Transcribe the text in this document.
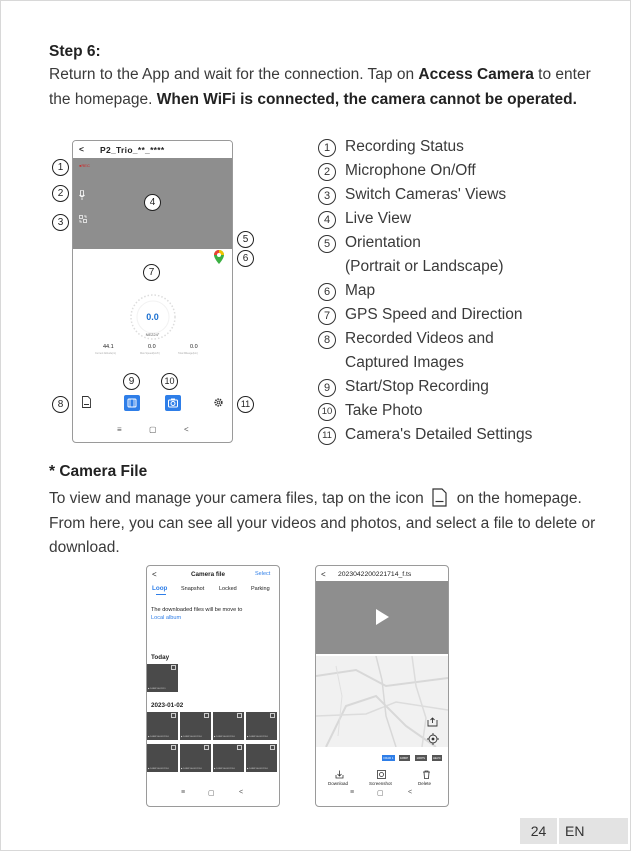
Step 6:

Return to the App and wait for the connection. Tap on Access Camera to enter the homepage. When WiFi is connected, the camera cannot be operated.

< P2_Trio_**_****
●REC
0.0
NE224°
44.1	0.0	0.0
Current Altitude(m)	Max Speed(km/h)	Total Mileage(km)
≡	▢	<
1
2
3
4
5
6
7
8
9	10
11
1 Recording Status
2 Microphone On/Off
3 Switch Cameras' Views
4 Live View
5 Orientation
(Portrait or Landscape)
6 Map
7 GPS Speed and Direction
8 Recorded Videos and
Captured Images
9 Start/Stop Recording
10 Take Photo
11 Camera's Detailed Settings

* Camera File

To view and manage your camera files, tap on the icon on the homepage. From here, you can see all your videos and photos, and select a file to delete or download.

<	Camera file	Select
Loop Snapshot	Locked	Parking
The downloaded files will be move to
Local album
Today
▶ 1080P 00:22:11
2023-01-02
▶ 1080P 00:02:22:16	▶ 1080P 00:02:22:16	▶ 1080P 00:02:22:16	▶ 1080P 00:02:22:16
▶ 1080P 00:02:22:16	▶ 1080P 00:02:22:16	▶ 1080P 00:02:22:16	▶ 1080P 00:02:22:16
≡	▢	<
< 2023042200221714_f.ts
FRAD 1	1080P	10FPS	HEVC
Download	Screenshot	Delete
≡	▢	<
24	EN
